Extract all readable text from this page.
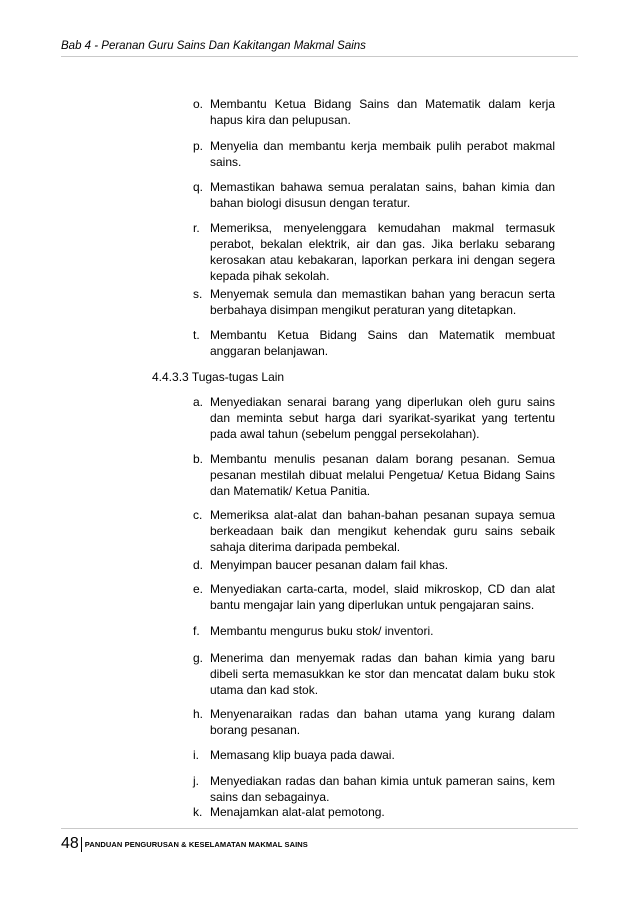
Bab 4 - Peranan Guru Sains Dan Kakitangan Makmal Sains
o. Membantu Ketua Bidang Sains dan Matematik dalam kerja hapus kira dan pelupusan.
p. Menyelia dan membantu kerja membaik pulih perabot makmal sains.
q. Memastikan bahawa semua peralatan sains, bahan kimia dan bahan biologi disusun dengan teratur.
r. Memeriksa, menyelenggara kemudahan makmal termasuk perabot, bekalan elektrik, air dan gas. Jika berlaku sebarang kerosakan atau kebakaran, laporkan perkara ini dengan segera kepada pihak sekolah.
s. Menyemak semula dan memastikan bahan yang beracun serta berbahaya disimpan mengikut peraturan yang ditetapkan.
t. Membantu Ketua Bidang Sains dan Matematik membuat anggaran belanjawan.
4.4.3.3 Tugas-tugas Lain
a. Menyediakan senarai barang yang diperlukan oleh guru sains dan meminta sebut harga dari syarikat-syarikat yang tertentu pada awal tahun (sebelum penggal persekolahan).
b. Membantu menulis pesanan dalam borang pesanan. Semua pesanan mestilah dibuat melalui Pengetua/ Ketua Bidang Sains dan Matematik/ Ketua Panitia.
c. Memeriksa alat-alat dan bahan-bahan pesanan supaya semua berkeadaan baik dan mengikut kehendak guru sains sebaik sahaja diterima daripada pembekal.
d. Menyimpan baucer pesanan dalam fail khas.
e. Menyediakan carta-carta, model, slaid mikroskop, CD dan alat bantu mengajar lain yang diperlukan untuk pengajaran sains.
f. Membantu mengurus buku stok/ inventori.
g. Menerima dan menyemak radas dan bahan kimia yang baru dibeli serta memasukkan ke stor dan mencatat dalam buku stok utama dan kad stok.
h. Menyenaraikan radas dan bahan utama yang kurang dalam borang pesanan.
i. Memasang klip buaya pada dawai.
j. Menyediakan radas dan bahan kimia untuk pameran sains, kem sains dan sebagainya.
k. Menajamkan alat-alat pemotong.
48 PANDUAN PENGURUSAN & KESELAMATAN MAKMAL SAINS
